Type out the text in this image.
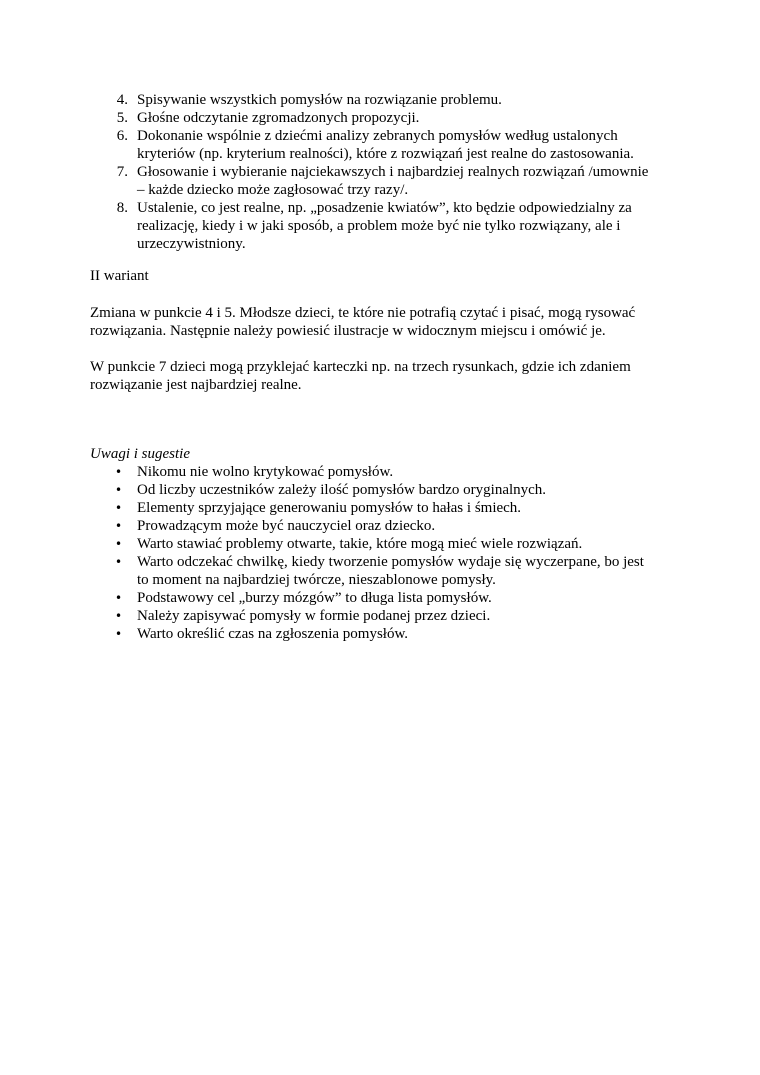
4. Spisywanie wszystkich pomysłów na rozwiązanie problemu.
5. Głośne odczytanie zgromadzonych propozycji.
6. Dokonanie wspólnie z dziećmi analizy zebranych pomysłów według ustalonych
kryteriów (np. kryterium realności), które z rozwiązań jest realne do zastosowania.
7. Głosowanie i wybieranie najciekawszych i najbardziej realnych rozwiązań /umownie
– każde dziecko może zagłosować trzy razy/.
8. Ustalenie, co jest realne, np. „posadzenie kwiatów”, kto będzie odpowiedzialny za
realizację, kiedy i w jaki sposób, a problem może być nie tylko rozwiązany, ale i
urzeczywistniony.
II wariant
Zmiana w punkcie 4 i 5. Młodsze dzieci, te które nie potrafią czytać i pisać, mogą rysować
rozwiązania. Następnie należy powiesić ilustracje w widocznym miejscu i omówić je.
W punkcie 7 dzieci mogą przyklejać karteczki np. na trzech rysunkach, gdzie ich zdaniem
rozwiązanie jest najbardziej realne.
Uwagi i sugestie
• Nikomu nie wolno krytykować pomysłów.
• Od liczby uczestników zależy ilość pomysłów bardzo oryginalnych.
• Elementy sprzyjające generowaniu pomysłów to hałas i śmiech.
• Prowadzącym może być nauczyciel oraz dziecko.
• Warto stawiać problemy otwarte, takie, które mogą mieć wiele rozwiązań.
• Warto odczekać chwilkę, kiedy tworzenie pomysłów wydaje się wyczerpane, bo jest
to moment na najbardziej twórcze, nieszablonowe pomysły.
• Podstawowy cel „burzy mózgów” to długa lista pomysłów.
• Należy zapisywać pomysły w formie podanej przez dzieci.
• Warto określić czas na zgłoszenia pomysłów.
